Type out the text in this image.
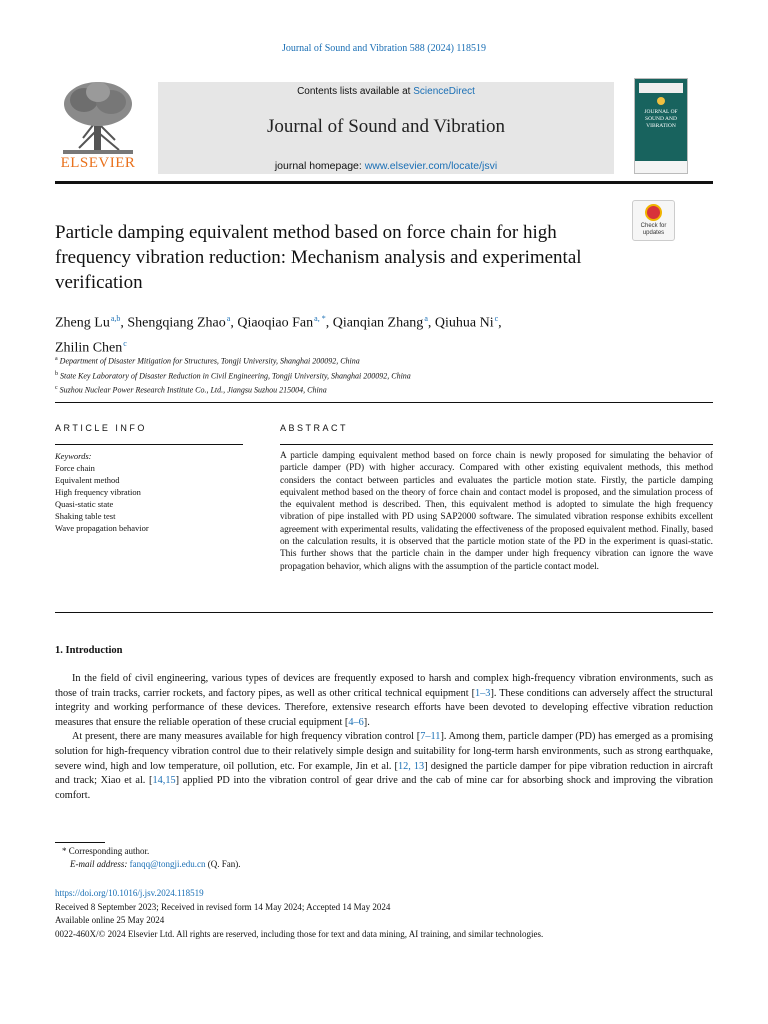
Journal of Sound and Vibration 588 (2024) 118519
ELSEVIER
Contents lists available at ScienceDirect
Journal of Sound and Vibration
journal homepage: www.elsevier.com/locate/jsvi
JOURNAL OF SOUND AND VIBRATION
Particle damping equivalent method based on force chain for high frequency vibration reduction: Mechanism analysis and experimental verification
Check for updates
Zheng Lu$^{a,b}$, Shengqiang Zhao$^a$, Qiaoqiao Fan$^{a, *}$, Qianqian Zhang$^a$, Qiuhua Ni$^c$,
Zhilin Chen$^c$
$^a$ Department of Disaster Mitigation for Structures, Tongji University, Shanghai 200092, China
$^b$ State Key Laboratory of Disaster Reduction in Civil Engineering, Tongji University, Shanghai 200092, China
$^c$ Suzhou Nuclear Power Research Institute Co., Ltd., Jiangsu Suzhou 215004, China
ARTICLE INFO	ABSTRACT
Keywords:
Force chain
Equivalent method
High frequency vibration
Quasi-static state
Shaking table test
Wave propagation behavior
A particle damping equivalent method based on force chain is newly proposed for simulating the behavior of particle damper (PD) with higher accuracy. Compared with other existing equivalent methods, this method considers the contact between particles and evaluates the particle motion state. Firstly, the particle damping equivalent method based on the theory of force chain and contact model is proposed, and the simulation process of the equivalent method is described. Then, this equivalent method is adopted to simulate the high frequency vibration of pipe installed with PD using SAP2000 software. The simulated vibration response exhibits excellent agreement with experimental results, validating the effectiveness of the proposed equivalent method. Finally, based on the calculation results, it is observed that the particle motion state of the PD in the experiment is quasi-static. This further shows that the particle chain in the damper under high frequency vibration can ignore the wave propagation behavior, which aligns with the assumption of the particle contact model.
1. Introduction

In the field of civil engineering, various types of devices are frequently exposed to harsh and complex high-frequency vibration environments, such as those of train tracks, carrier rockets, and factory pipes, as well as other critical technical equipment [1–3]. These conditions can adversely affect the structural integrity and working performance of these devices. Therefore, extensive research efforts have been devoted to developing effective vibration reduction measures that ensure the reliable operation of these crucial equipment [4–6].

At present, there are many measures available for high frequency vibration control [7–11]. Among them, particle damper (PD) has emerged as a promising solution for high-frequency vibration control due to their relatively simple design and suitability for long-term harsh environments, such as strong earthquake, severe wind, high and low temperature, oil pollution, etc. For example, Jin et al. [12, 13] designed the particle damper for pipe vibration reduction in aircraft and track; Xiao et al. [14,15] applied PD into the vibration control of gear drive and the cab of mine car for absorbing shock and improving the vibration comfort.

* Corresponding author.
E-mail address: fanqq@tongji.edu.cn (Q. Fan).
https://doi.org/10.1016/j.jsv.2024.118519
Received 8 September 2023; Received in revised form 14 May 2024; Accepted 14 May 2024
Available online 25 May 2024
0022-460X/© 2024 Elsevier Ltd. All rights are reserved, including those for text and data mining, AI training, and similar technologies.
